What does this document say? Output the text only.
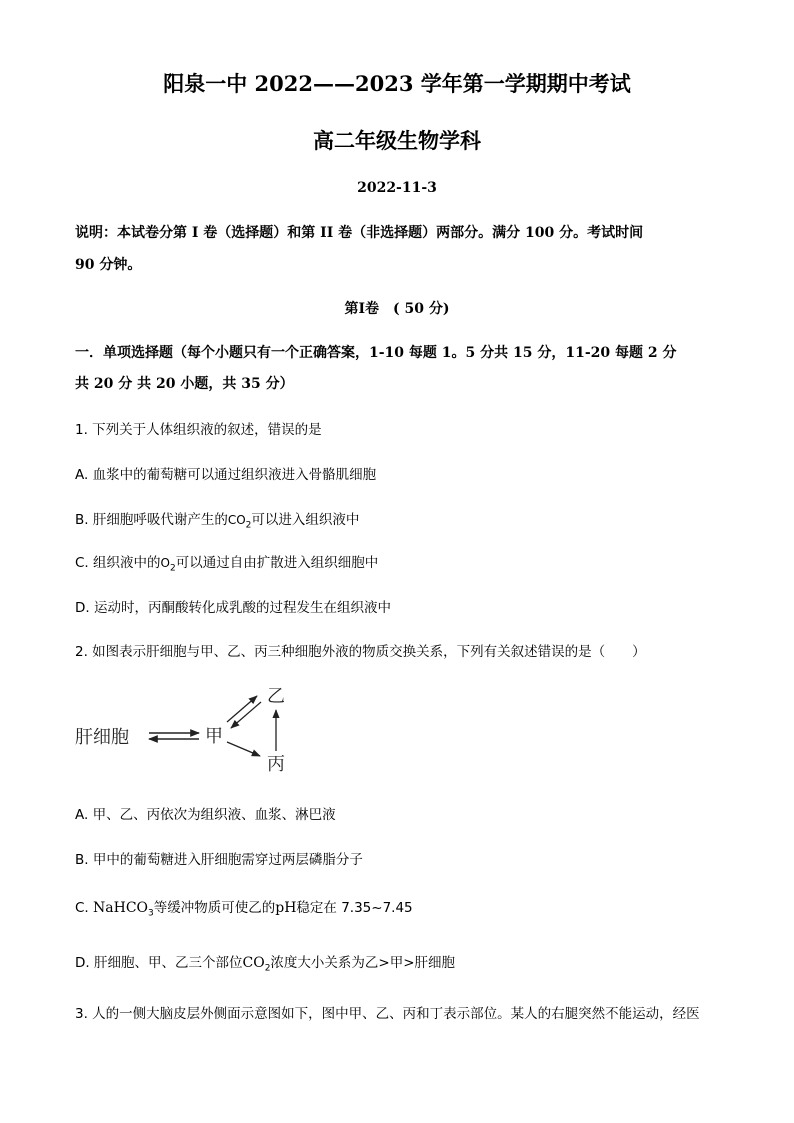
阳泉一中 2022——2023 学年第一学期期中考试
高二年级生物学科
2022-11-3
说明：本试卷分第 I 卷（选择题）和第 II 卷（非选择题）两部分。满分 100 分。考试时间
90 分钟。
第Ⅰ卷　( 50 分)
一．单项选择题（每个小题只有一个正确答案，1-10 每题 1。5 分共 15 分，11-20 每题 2 分
共 20 分 共 20 小题，共 35 分）
1. 下列关于人体组织液的叙述，错误的是
A. 血浆中的葡萄糖可以通过组织液进入骨骼肌细胞
B. 肝细胞呼吸代谢产生的$CO_2$可以进入组织液中
C. 组织液中的$O_2$可以通过自由扩散进入组织细胞中
D. 运动时，丙酮酸转化成乳酸的过程发生在组织液中
2. 如图表示肝细胞与甲、乙、丙三种细胞外液的物质交换关系，下列有关叙述错误的是（　　）
肝细胞	甲
乙
丙
A. 甲、乙、丙依次为组织液、血浆、淋巴液
B. 甲中的葡萄糖进入肝细胞需穿过两层磷脂分子
C. NaHCO$_3$等缓冲物质可使乙的pH稳定在 7.35~7.45
D. 肝细胞、甲、乙三个部位$CO_2$浓度大小关系为乙>甲>肝细胞
3. 人的一侧大脑皮层外侧面示意图如下，图中甲、乙、丙和丁表示部位。某人的右腿突然不能运动，经医
